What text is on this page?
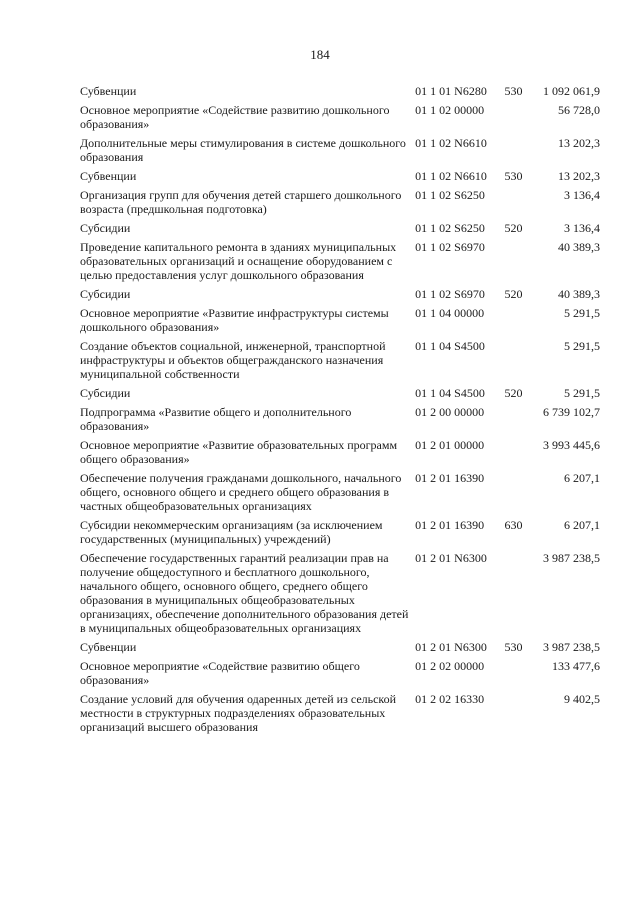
184
Субвенции	01 1 01 N6280	530	1 092 061,9
Основное мероприятие «Содействие развитию дошкольного образования»	01 1 02 00000		56 728,0
Дополнительные меры стимулирования в системе дошкольного образования	01 1 02 N6610		13 202,3
Субвенции	01 1 02 N6610	530	13 202,3
Организация групп для обучения детей старшего дошкольного возраста (предшкольная подготовка)	01 1 02 S6250		3 136,4
Субсидии	01 1 02 S6250	520	3 136,4
Проведение капитального ремонта в зданиях муниципальных образовательных организаций и оснащение оборудованием с целью предоставления услуг дошкольного образования	01 1 02 S6970		40 389,3
Субсидии	01 1 02 S6970	520	40 389,3
Основное мероприятие «Развитие инфраструктуры системы дошкольного образования»	01 1 04 00000		5 291,5
Создание объектов социальной, инженерной, транспортной инфраструктуры и объектов общегражданского назначения муниципальной собственности	01 1 04 S4500		5 291,5
Субсидии	01 1 04 S4500	520	5 291,5
Подпрограмма «Развитие общего и дополнительного образования»	01 2 00 00000		6 739 102,7
Основное мероприятие «Развитие образовательных программ общего образования»	01 2 01 00000		3 993 445,6
Обеспечение получения гражданами дошкольного, начального общего, основного общего и среднего общего образования в частных общеобразовательных организациях	01 2 01 16390		6 207,1
Субсидии некоммерческим организациям (за исключением государственных (муниципальных) учреждений)	01 2 01 16390	630	6 207,1
Обеспечение государственных гарантий реализации прав на получение общедоступного и бесплатного дошкольного, начального общего, основного общего, среднего общего образования в муниципальных общеобразовательных организациях, обеспечение дополнительного образования детей в муниципальных общеобразовательных организациях	01 2 01 N6300		3 987 238,5
Субвенции	01 2 01 N6300	530	3 987 238,5
Основное мероприятие «Содействие развитию общего образования»	01 2 02 00000		133 477,6
Создание условий для обучения одаренных детей из сельской местности в структурных подразделениях образовательных организаций высшего образования	01 2 02 16330		9 402,5
